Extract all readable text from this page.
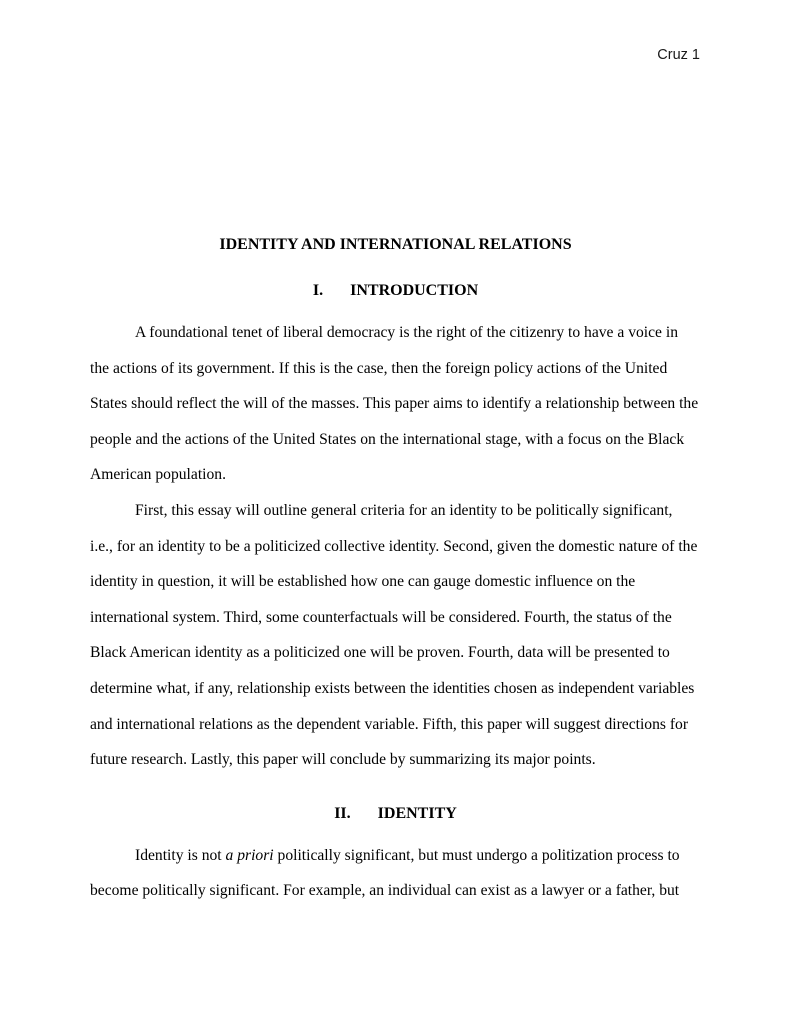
Cruz 1
IDENTITY AND INTERNATIONAL RELATIONS
I. INTRODUCTION
A foundational tenet of liberal democracy is the right of the citizenry to have a voice in
the actions of its government. If this is the case, then the foreign policy actions of the United
States should reflect the will of the masses. This paper aims to identify a relationship between the
people and the actions of the United States on the international stage, with a focus on the Black
American population.
First, this essay will outline general criteria for an identity to be politically significant,
i.e., for an identity to be a politicized collective identity. Second, given the domestic nature of the
identity in question, it will be established how one can gauge domestic influence on the
international system. Third, some counterfactuals will be considered. Fourth, the status of the
Black American identity as a politicized one will be proven. Fourth, data will be presented to
determine what, if any, relationship exists between the identities chosen as independent variables
and international relations as the dependent variable. Fifth, this paper will suggest directions for
future research. Lastly, this paper will conclude by summarizing its major points.
II. IDENTITY
Identity is not a priori politically significant, but must undergo a politization process to
become politically significant. For example, an individual can exist as a lawyer or a father, but
